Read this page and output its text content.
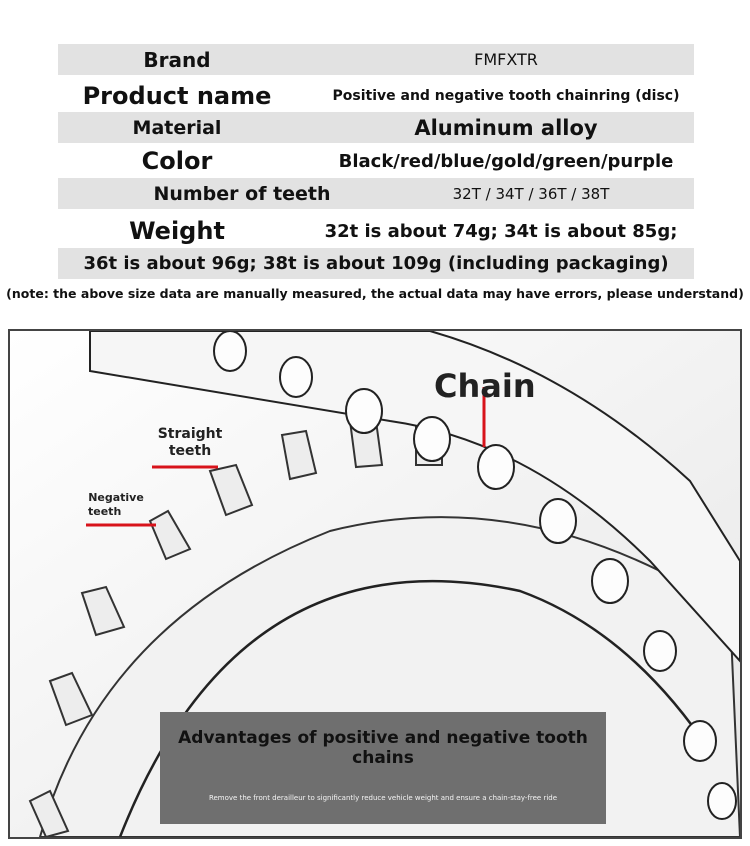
Brand	FMFXTR
Product name	Positive and negative tooth chainring (disc)
Material	Aluminum alloy
Color	Black/red/blue/gold/green/purple
Number of teeth	32T / 34T / 36T / 38T
Weight	32t is about 74g; 34t is about 85g;
36t is about 96g; 38t is about 109g (including packaging)
(note: the above size data are manually measured, the actual data may have errors, please understand)
Chain
Straight
teeth
Negative
teeth
Advantages of positive and negative tooth
chains
Remove the front derailleur to significantly reduce vehicle weight and ensure a chain-stay-free ride
